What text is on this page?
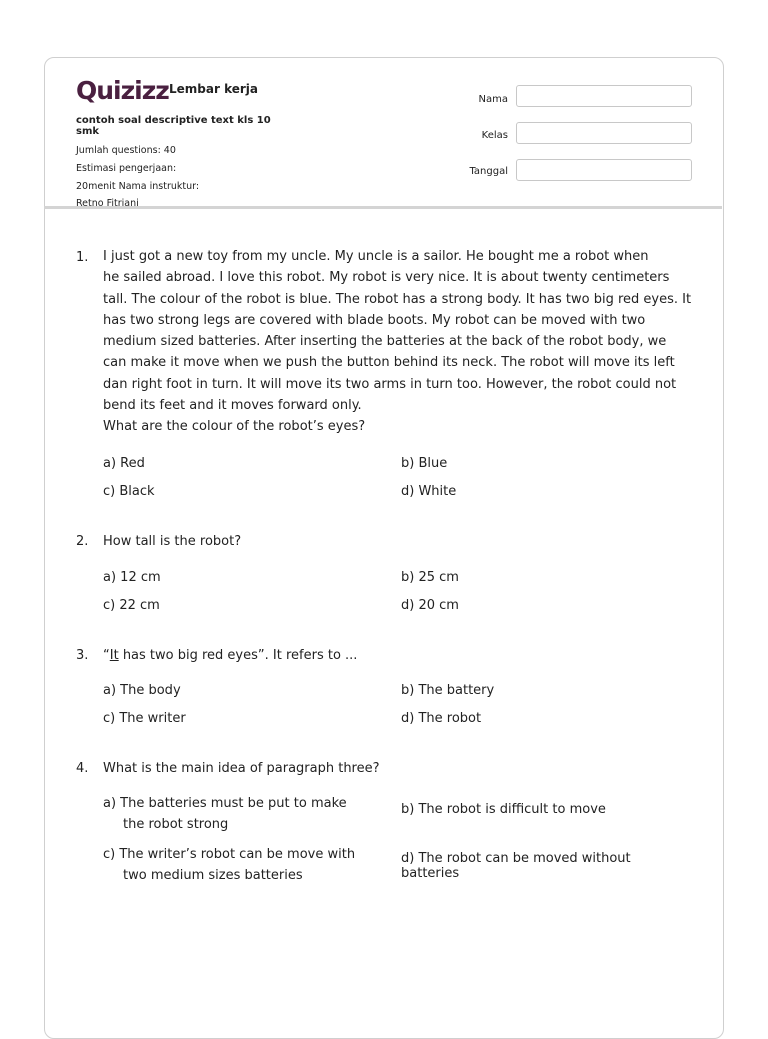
Quizizz Lembar kerja
contoh soal descriptive text kls 10 smk
Jumlah questions: 40
Estimasi pengerjaan:
20menit Nama instruktur:
Retno Fitriani
Nama
Kelas
Tanggal
1. I just got a new toy from my uncle. My uncle is a sailor. He bought me a robot when
he sailed abroad. I love this robot. My robot is very nice. It is about twenty centimeters
tall. The colour of the robot is blue. The robot has a strong body. It has two big red eyes. It
has two strong legs are covered with blade boots. My robot can be moved with two
medium sized batteries. After inserting the batteries at the back of the robot body, we
can make it move when we push the button behind its neck. The robot will move its left
dan right foot in turn. It will move its two arms in turn too. However, the robot could not
bend its feet and it moves forward only.
What are the colour of the robot’s eyes?
a) Red	b) Blue
c) Black	d) White
2. How tall is the robot?
a) 12 cm	b) 25 cm
c) 22 cm	d) 20 cm
3. “It has two big red eyes”. It refers to ...
a) The body	b) The battery
c) The writer	d) The robot
4. What is the main idea of paragraph three?
a) The batteries must be put to make
the robot strong
b) The robot is difficult to move
c) The writer’s robot can be move with
two medium sizes batteries
d) The robot can be moved without
batteries
